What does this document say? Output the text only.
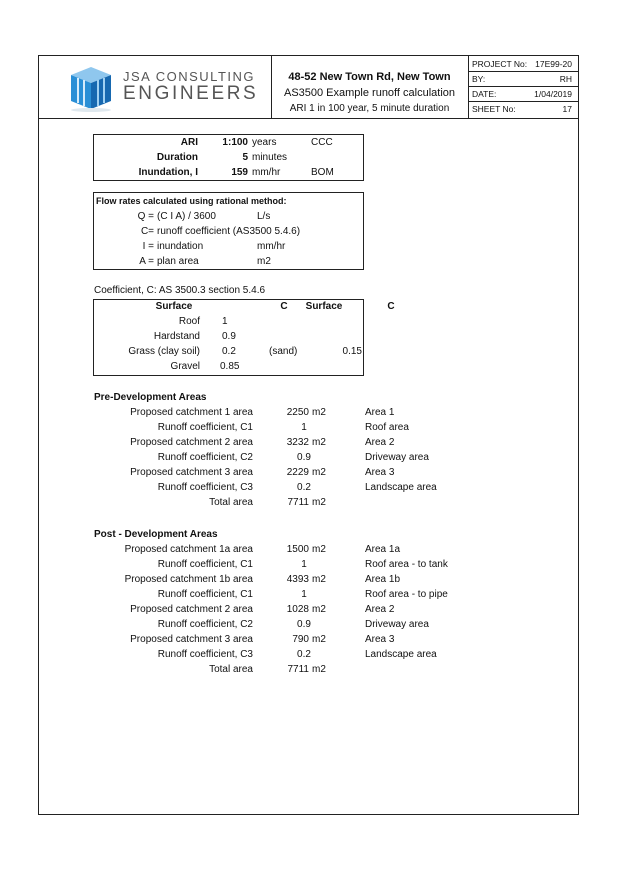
JSA CONSULTING
ENGINEERS
48-52 New Town Rd, New Town
AS3500 Example runoff calculation
ARI 1 in 100 year, 5 minute duration
PROJECT No: 17E99-20
BY:	RH
DATE:	1/04/2019
SHEET No:	17
ARI	1:100 years	CCC
Duration	5 minutes
Inundation, I	159 mm/hr	BOM
Flow rates calculated using rational method:
Q = (C I A) / 3600	L/s
C= runoff coefficient (AS3500 5.4.6)
I = inundation	mm/hr
A = plan area	m2
Coefficient, C: AS 3500.3 section 5.4.6
Surface	C	Surface	C
Roof 1
Hardstand 0.9
Grass (clay soil) 0.2	(sand)	0.15
Gravel 0.85
Pre-Development Areas
Proposed catchment 1 area	2250 m2	Area 1
Runoff coefficient, C1	1	Roof area
Proposed catchment 2 area	3232 m2	Area 2
Runoff coefficient, C2	0.9	Driveway area
Proposed catchment 3 area	2229 m2	Area 3
Runoff coefficient, C3	0.2	Landscape area
Total area	7711 m2
Post - Development Areas
Proposed catchment 1a area	1500 m2	Area 1a
Runoff coefficient, C1	1	Roof area - to tank
Proposed catchment 1b area	4393 m2	Area 1b
Runoff coefficient, C1	1	Roof area - to pipe
Proposed catchment 2 area	1028 m2	Area 2
Runoff coefficient, C2	0.9	Driveway area
Proposed catchment 3 area	790 m2	Area 3
Runoff coefficient, C3	0.2	Landscape area
Total area	7711 m2
